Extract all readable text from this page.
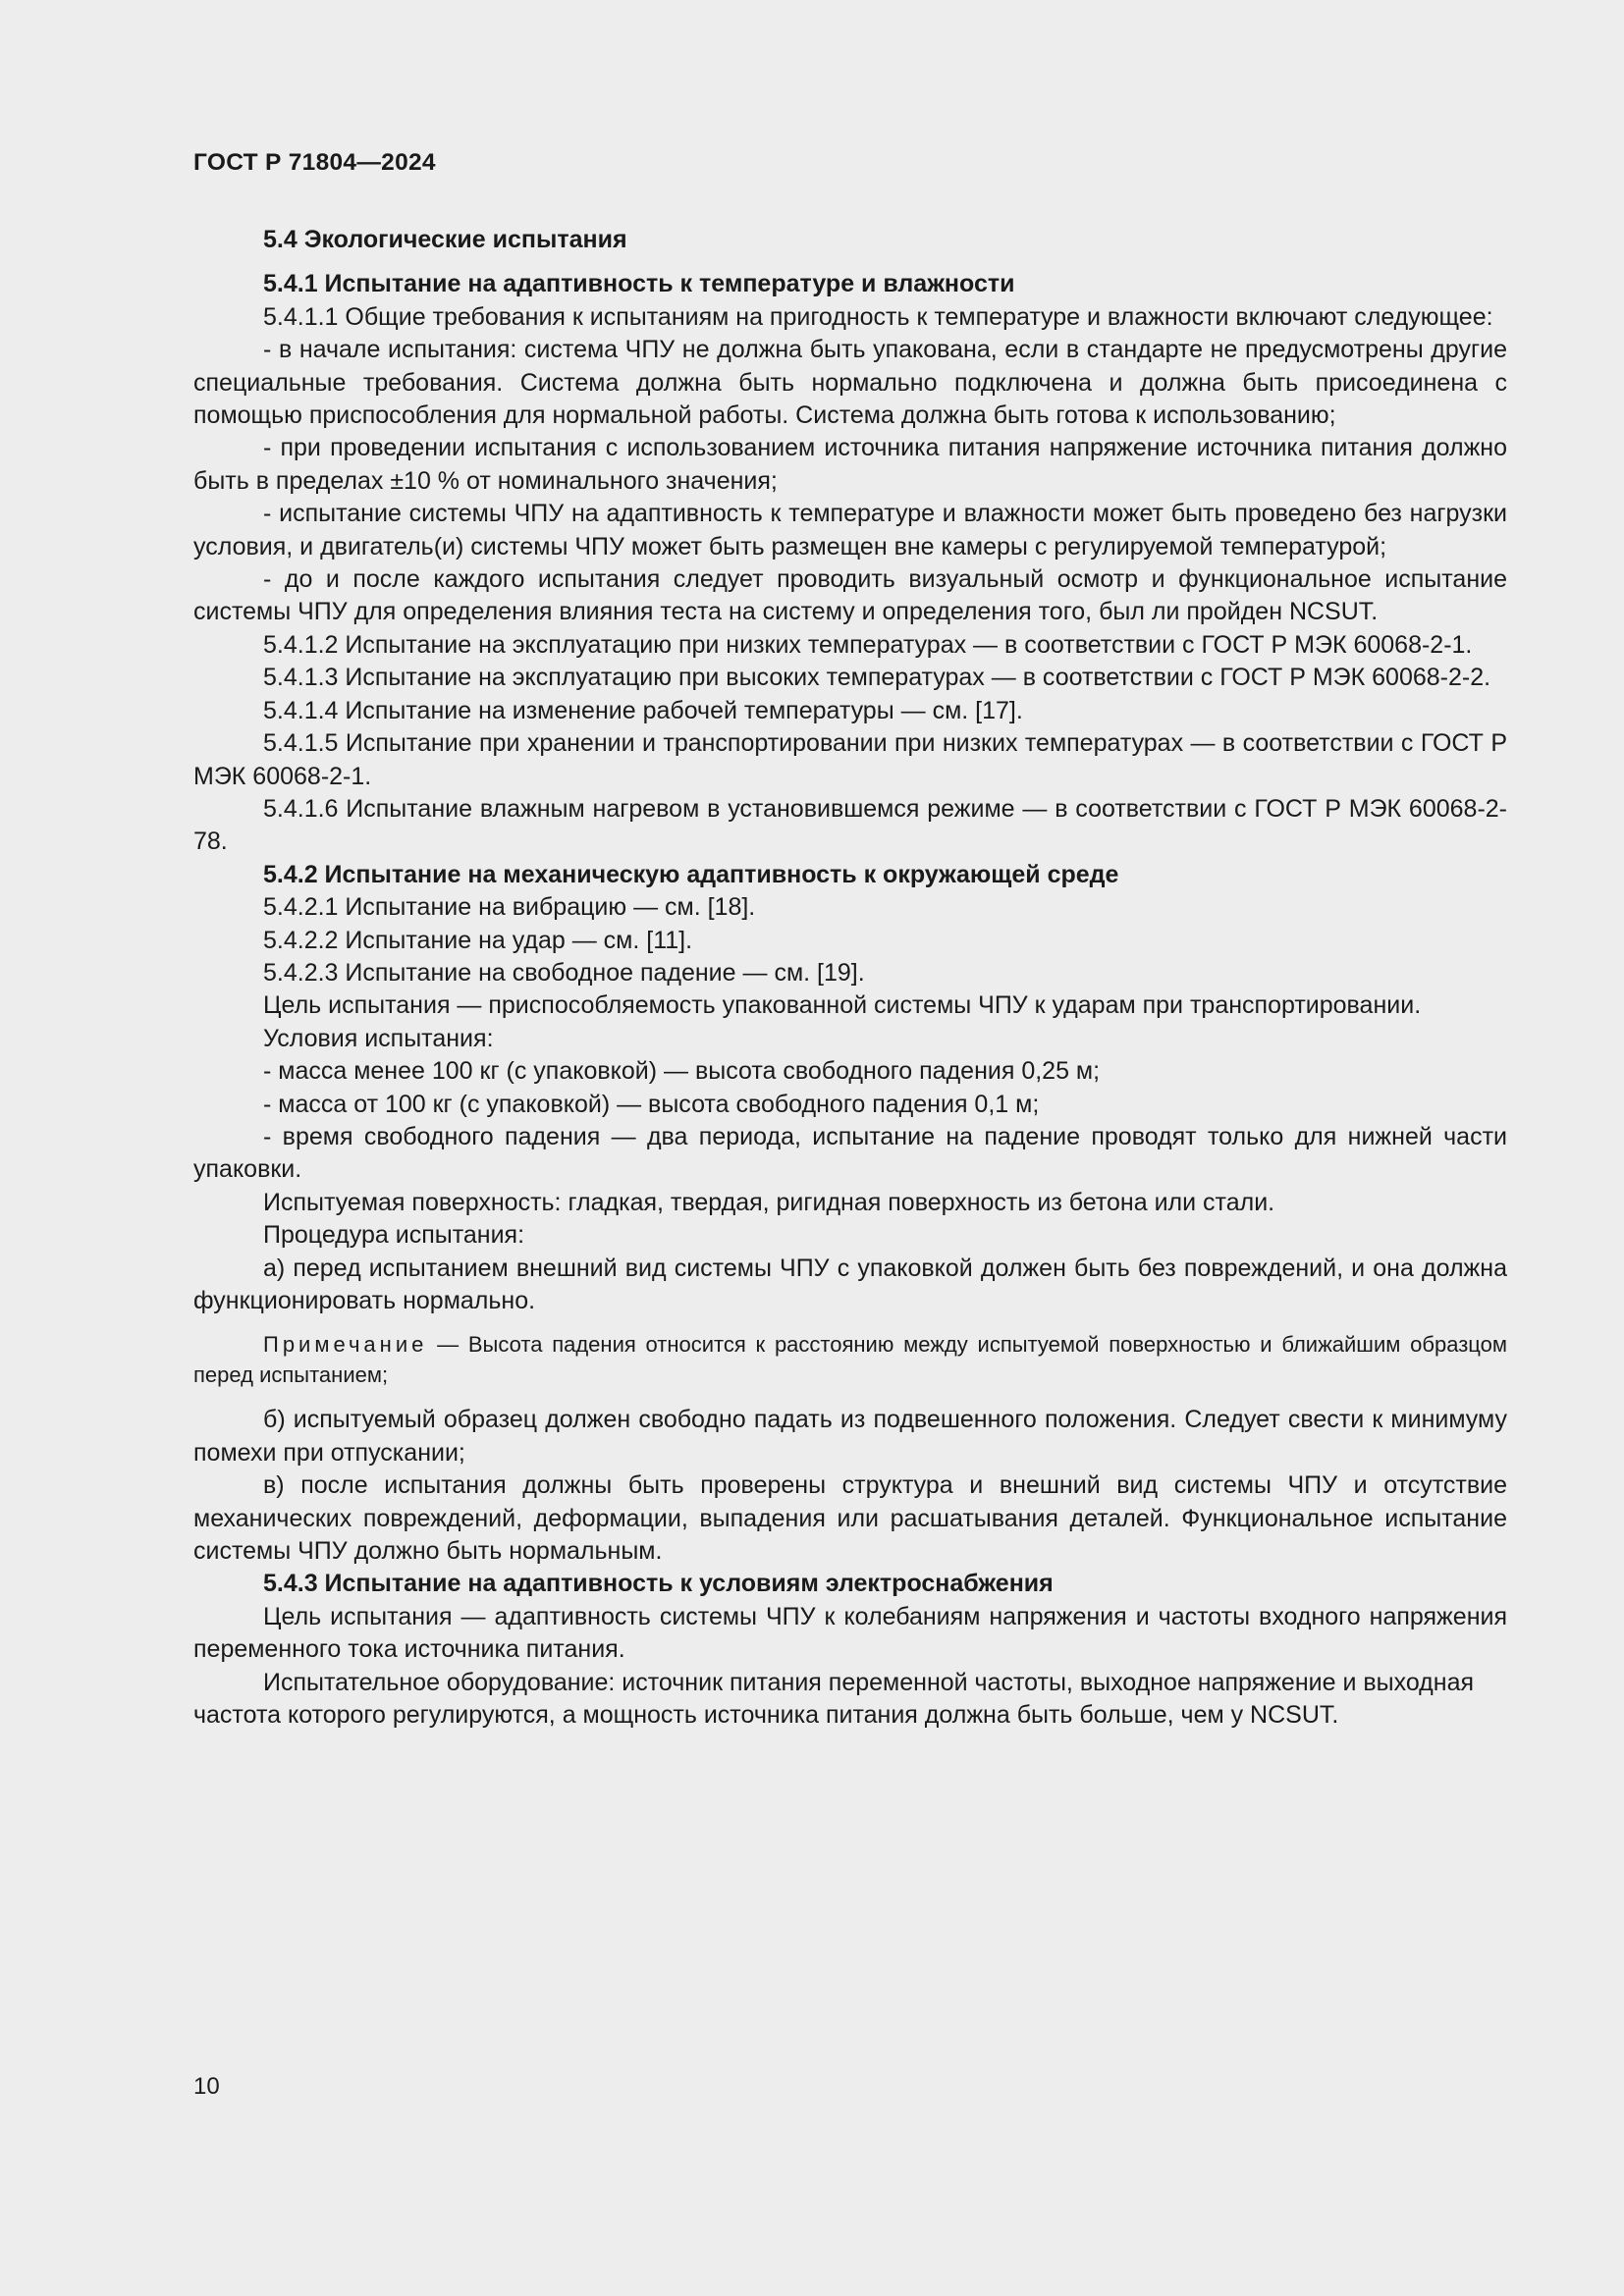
ГОСТ Р 71804—2024

5.4 Экологические испытания

5.4.1 Испытание на адаптивность к температуре и влажности

5.4.1.1 Общие требования к испытаниям на пригодность к температуре и влажности включают следующее:

- в начале испытания: система ЧПУ не должна быть упакована, если в стандарте не предусмотрены другие специальные требования. Система должна быть нормально подключена и должна быть присоединена с помощью приспособления для нормальной работы. Система должна быть готова к использованию;

- при проведении испытания с использованием источника питания напряжение источника питания должно быть в пределах ±10 % от номинального значения;

- испытание системы ЧПУ на адаптивность к температуре и влажности может быть проведено без нагрузки условия, и двигатель(и) системы ЧПУ может быть размещен вне камеры с регулируемой температурой;

- до и после каждого испытания следует проводить визуальный осмотр и функциональное испытание системы ЧПУ для определения влияния теста на систему и определения того, был ли пройден NCSUT.

5.4.1.2 Испытание на эксплуатацию при низких температурах — в соответствии с ГОСТ Р МЭК 60068-2-1.

5.4.1.3 Испытание на эксплуатацию при высоких температурах — в соответствии с ГОСТ Р МЭК 60068-2-2.

5.4.1.4 Испытание на изменение рабочей температуры — см. [17].

5.4.1.5 Испытание при хранении и транспортировании при низких температурах — в соответствии с ГОСТ Р МЭК 60068-2-1.

5.4.1.6 Испытание влажным нагревом в установившемся режиме — в соответствии с ГОСТ Р МЭК 60068-2-78.

5.4.2 Испытание на механическую адаптивность к окружающей среде

5.4.2.1 Испытание на вибрацию — см. [18].

5.4.2.2 Испытание на удар — см. [11].

5.4.2.3 Испытание на свободное падение — см. [19].

Цель испытания — приспособляемость упакованной системы ЧПУ к ударам при транспортировании.

Условия испытания:

- масса менее 100 кг (с упаковкой) — высота свободного падения 0,25 м;

- масса от 100 кг (с упаковкой) — высота свободного падения 0,1 м;

- время свободного падения — два периода, испытание на падение проводят только для нижней части упаковки.

Испытуемая поверхность: гладкая, твердая, ригидная поверхность из бетона или стали.

Процедура испытания:

а) перед испытанием внешний вид системы ЧПУ с упаковкой должен быть без повреждений, и она должна функционировать нормально.

Примечание — Высота падения относится к расстоянию между испытуемой поверхностью и ближайшим образцом перед испытанием;

б) испытуемый образец должен свободно падать из подвешенного положения. Следует свести к минимуму помехи при отпускании;

в) после испытания должны быть проверены структура и внешний вид системы ЧПУ и отсутствие механических повреждений, деформации, выпадения или расшатывания деталей. Функциональное испытание системы ЧПУ должно быть нормальным.

5.4.3 Испытание на адаптивность к условиям электроснабжения

Цель испытания — адаптивность системы ЧПУ к колебаниям напряжения и частоты входного напряжения переменного тока источника питания.

Испытательное оборудование: источник питания переменной частоты, выходное напряжение и выходная частота которого регулируются, а мощность источника питания должна быть больше, чем у NCSUT.

10
